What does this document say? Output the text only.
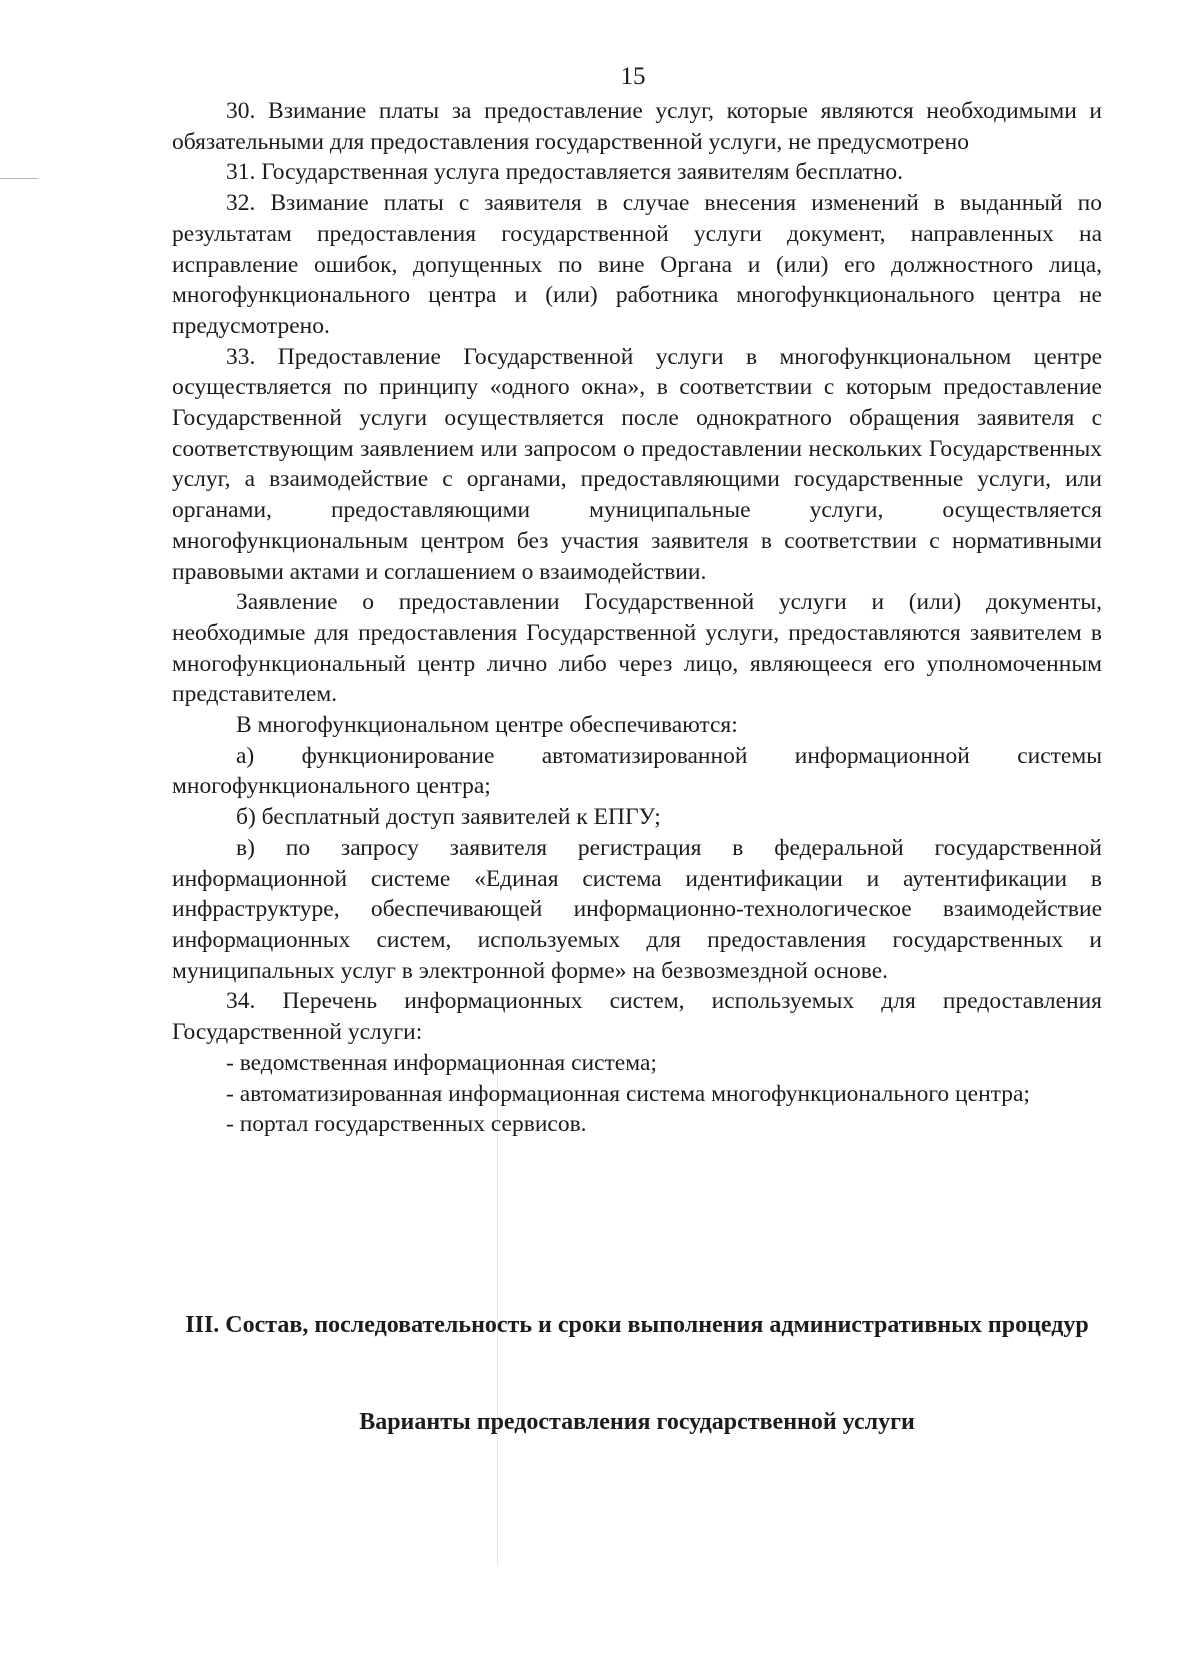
15

30. Взимание платы за предоставление услуг, которые являются необходимыми и обязательными для предоставления государственной услуги, не предусмотрено

31. Государственная услуга предоставляется заявителям бесплатно.

32. Взимание платы с заявителя в случае внесения изменений в выданный по результатам предоставления государственной услуги документ, направленных на исправление ошибок, допущенных по вине Органа и (или) его должностного лица, многофункционального центра и (или) работника многофункционального центра не предусмотрено.

33. Предоставление Государственной услуги в многофункциональном центре осуществляется по принципу «одного окна», в соответствии с которым предоставление Государственной услуги осуществляется после однократного обращения заявителя с соответствующим заявлением или запросом о предоставлении нескольких Государственных услуг, а взаимодействие с органами, предоставляющими государственные услуги, или органами, предоставляющими муниципальные услуги, осуществляется многофункциональным центром без участия заявителя в соответствии с нормативными правовыми актами и соглашением о взаимодействии.

Заявление о предоставлении Государственной услуги и (или) документы, необходимые для предоставления Государственной услуги, предоставляются заявителем в многофункциональный центр лично либо через лицо, являющееся его уполномоченным представителем.

В многофункциональном центре обеспечиваются:

а) функционирование автоматизированной информационной системы многофункционального центра;

б) бесплатный доступ заявителей к ЕПГУ;

в) по запросу заявителя регистрация в федеральной государственной информационной системе «Единая система идентификации и аутентификации в инфраструктуре, обеспечивающей информационно-технологическое взаимодействие информационных систем, используемых для предоставления государственных и муниципальных услуг в электронной форме» на безвозмездной основе.

34. Перечень информационных систем, используемых для предоставления Государственной услуги:

- ведомственная информационная система;

- автоматизированная информационная система многофункционального центра;

- портал государственных сервисов.

III. Состав, последовательность и сроки выполнения административных процедур
Варианты предоставления государственной услуги
